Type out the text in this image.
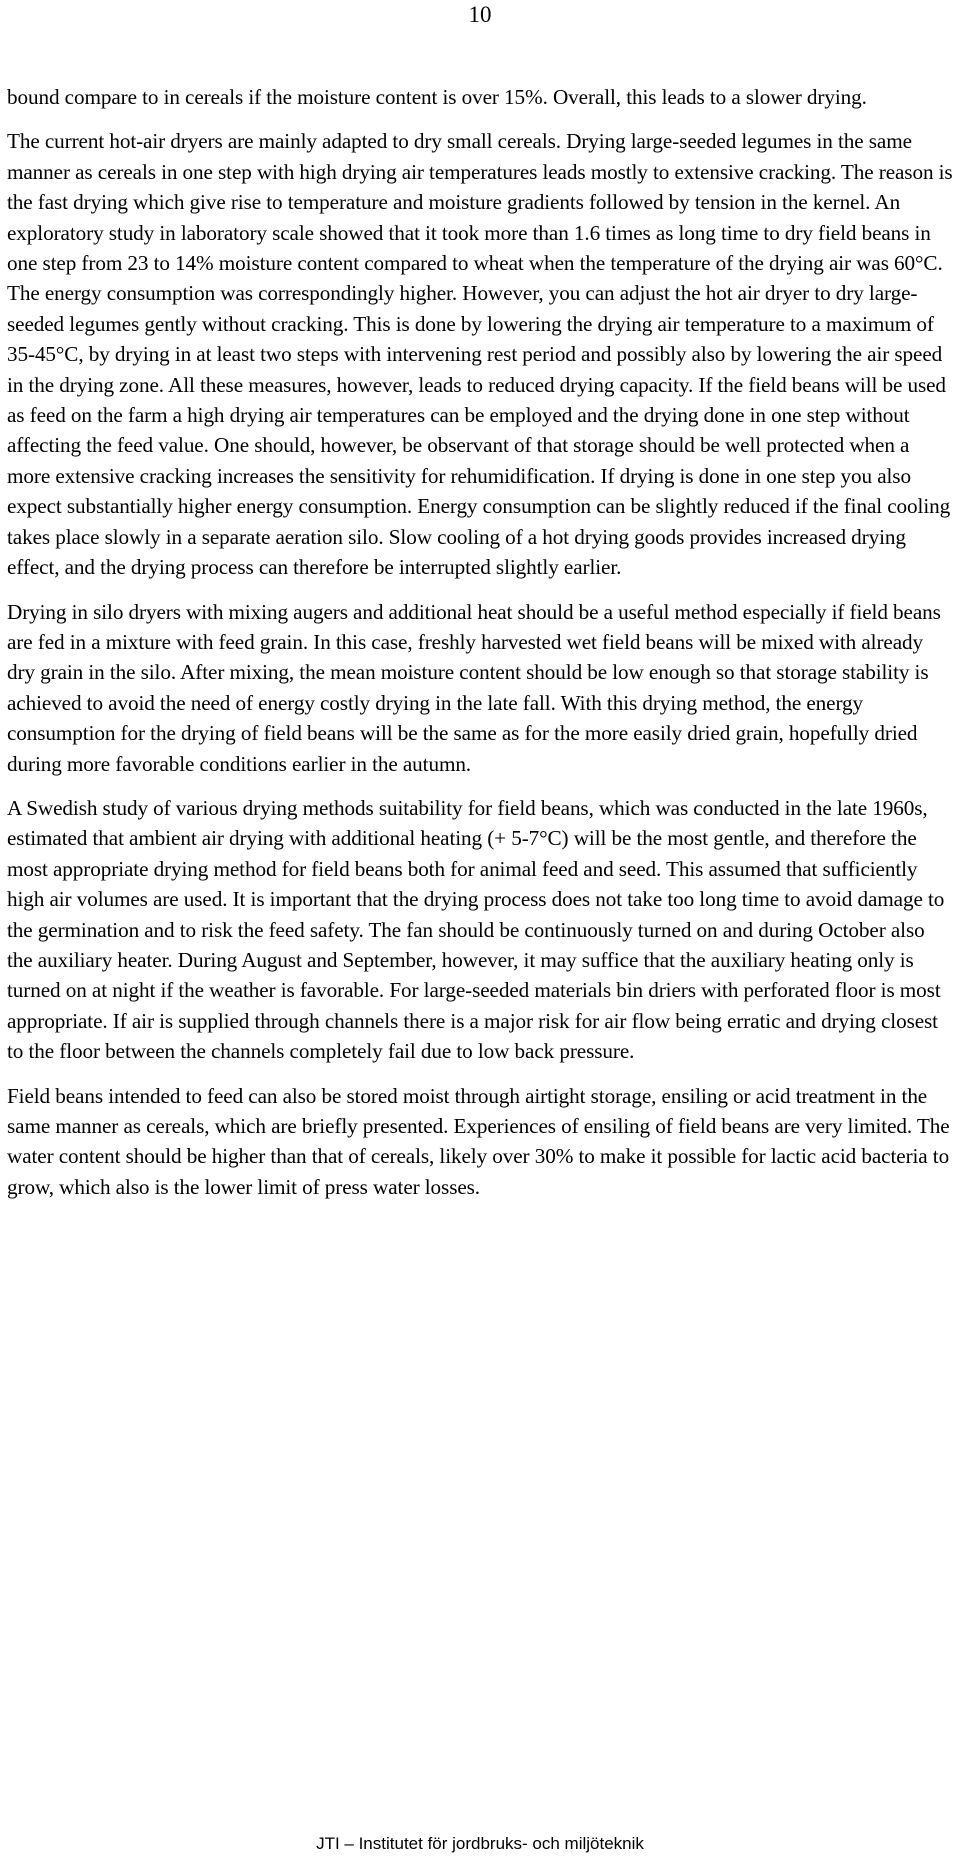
10

bound compare to in cereals if the moisture content is over 15%. Overall, this leads to a slower drying.

The current hot-air dryers are mainly adapted to dry small cereals. Drying large-seeded legumes in the same manner as cereals in one step with high drying air temperatures leads mostly to extensive cracking. The reason is the fast drying which give rise to temperature and moisture gradients followed by tension in the kernel. An exploratory study in laboratory scale showed that it took more than 1.6 times as long time to dry field beans in one step from 23 to 14% moisture content compared to wheat when the temperature of the drying air was 60°C. The energy consumption was correspondingly higher. However, you can adjust the hot air dryer to dry large-seeded legumes gently without cracking. This is done by lowering the drying air temperature to a maximum of 35-45°C, by drying in at least two steps with intervening rest period and possibly also by lowering the air speed in the drying zone. All these measures, however, leads to reduced drying capacity. If the field beans will be used as feed on the farm a high drying air temperatures can be employed and the drying done in one step without affecting the feed value. One should, however, be observant of that storage should be well protected when a more extensive cracking increases the sensitivity for rehumidification. If drying is done in one step you also expect substantially higher energy consumption. Energy consumption can be slightly reduced if the final cooling takes place slowly in a separate aeration silo. Slow cooling of a hot drying goods provides increased drying effect, and the drying process can therefore be interrupted slightly earlier.

Drying in silo dryers with mixing augers and additional heat should be a useful method especially if field beans are fed in a mixture with feed grain. In this case, freshly harvested wet field beans will be mixed with already dry grain in the silo. After mixing, the mean moisture content should be low enough so that storage stability is achieved to avoid the need of energy costly drying in the late fall. With this drying method, the energy consumption for the drying of field beans will be the same as for the more easily dried grain, hopefully dried during more favorable conditions earlier in the autumn.

A Swedish study of various drying methods suitability for field beans, which was conducted in the late 1960s, estimated that ambient air drying with additional heating (+ 5-7°C) will be the most gentle, and therefore the most appropriate drying method for field beans both for animal feed and seed. This assumed that sufficiently high air volumes are used. It is important that the drying process does not take too long time to avoid damage to the germination and to risk the feed safety. The fan should be continuously turned on and during October also the auxiliary heater. During August and September, however, it may suffice that the auxiliary heating only is turned on at night if the weather is favorable. For large-seeded materials bin driers with perforated floor is most appropriate. If air is supplied through channels there is a major risk for air flow being erratic and drying closest to the floor between the channels completely fail due to low back pressure.

Field beans intended to feed can also be stored moist through airtight storage, ensiling or acid treatment in the same manner as cereals, which are briefly presented. Experiences of ensiling of field beans are very limited. The water content should be higher than that of cereals, likely over 30% to make it possible for lactic acid bacteria to grow, which also is the lower limit of press water losses.

JTI – Institutet för jordbruks- och miljöteknik
